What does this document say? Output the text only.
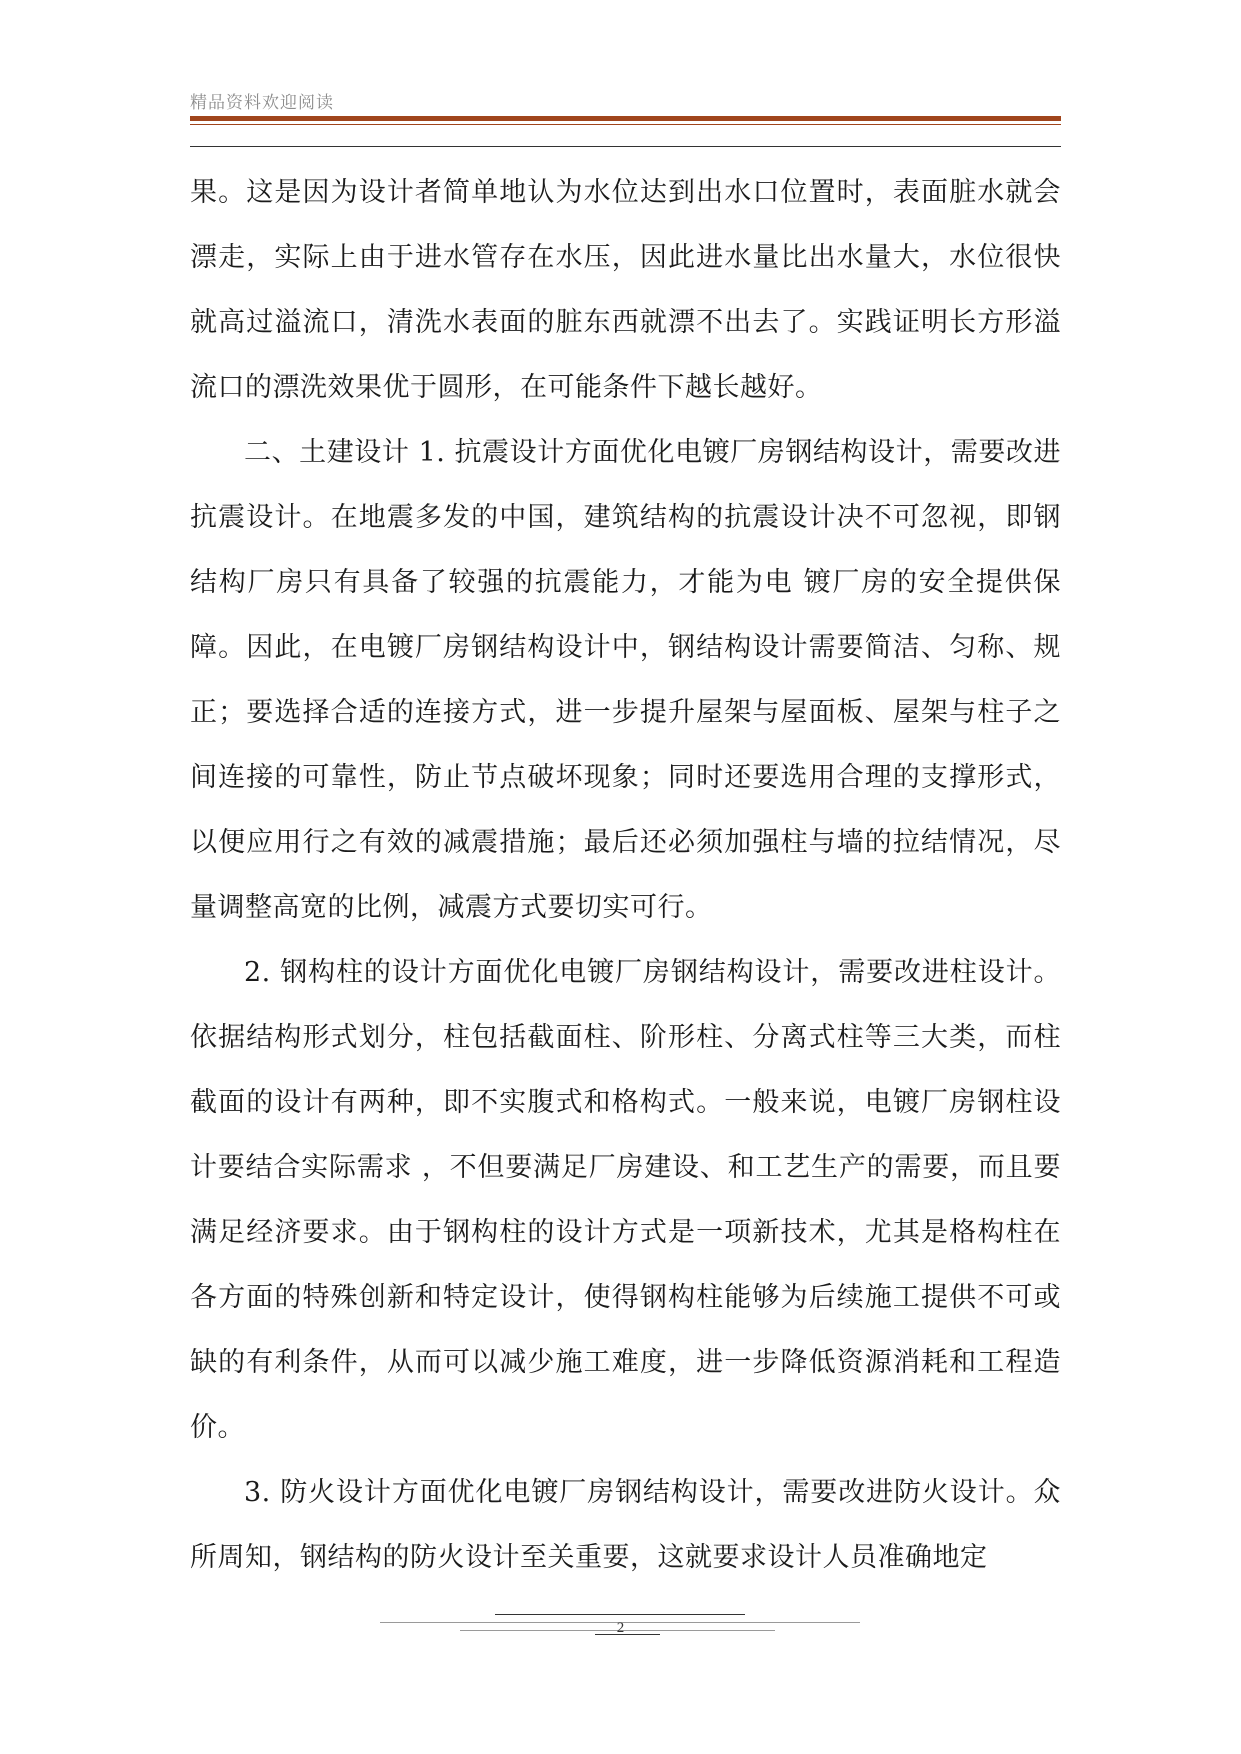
精品资料欢迎阅读

果。这是因为设计者简单地认为水位达到出水口位置时，表面脏水就会漂走，实际上由于进水管存在水压，因此进水量比出水量大，水位很快就高过溢流口，清洗水表面的脏东西就漂不出去了。实践证明长方形溢流口的漂洗效果优于圆形，在可能条件下越长越好。

二、土建设计 1. 抗震设计方面优化电镀厂房钢结构设计，需要改进抗震设计。在地震多发的中国，建筑结构的抗震设计决不可忽视，即钢结构厂房只有具备了较强的抗震能力，才能为电 镀厂房的安全提供保障。因此，在电镀厂房钢结构设计中，钢结构设计需要简洁、匀称、规正；要选择合适的连接方式，进一步提升屋架与屋面板、屋架与柱子之间连接的可靠性，防止节点破坏现象；同时还要选用合理的支撑形式，以便应用行之有效的减震措施；最后还必须加强柱与墙的拉结情况，尽量调整高宽的比例，减震方式要切实可行。

2. 钢构柱的设计方面优化电镀厂房钢结构设计，需要改进柱设计。依据结构形式划分，柱包括截面柱、阶形柱、分离式柱等三大类，而柱截面的设计有两种，即不实腹式和格构式。一般来说，电镀厂房钢柱设计要结合实际需求 ，不但要满足厂房建设、和工艺生产的需要，而且要满足经济要求。由于钢构柱的设计方式是一项新技术，尤其是格构柱在各方面的特殊创新和特定设计，使得钢构柱能够为后续施工提供不可或缺的有利条件，从而可以减少施工难度，进一步降低资源消耗和工程造价。

3. 防火设计方面优化电镀厂房钢结构设计，需要改进防火设计。众所周知，钢结构的防火设计至关重要，这就要求设计人员准确地定

2
